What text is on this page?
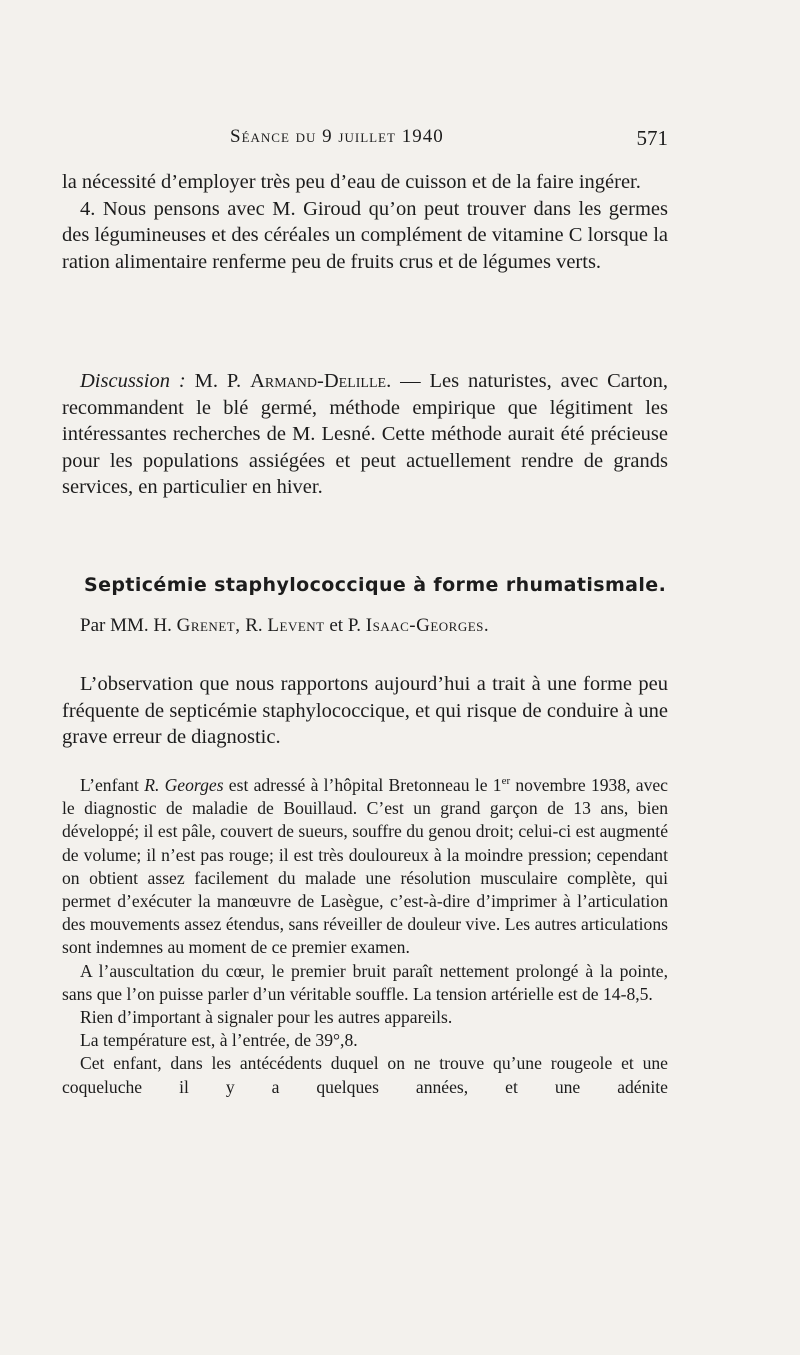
Séance du 9 juillet 1940	571

la nécessité d’employer très peu d’eau de cuisson et de la faire ingérer.

4. Nous pensons avec M. Giroud qu’on peut trouver dans les germes des légumineuses et des céréales un complément de vitamine C lorsque la ration alimentaire renferme peu de fruits crus et de légumes verts.

Discussion : M. P. Armand-Delille. — Les naturistes, avec Carton, recommandent le blé germé, méthode empirique que légitiment les intéressantes recherches de M. Lesné. Cette méthode aurait été précieuse pour les populations assiégées et peut actuellement rendre de grands services, en particulier en hiver.

Septicémie staphylococcique à forme rhumatismale.

Par MM. H. Grenet, R. Levent et P. Isaac-Georges.

L’observation que nous rapportons aujourd’hui a trait à une forme peu fréquente de septicémie staphylococcique, et qui risque de conduire à une grave erreur de diagnostic.

L’enfant R. Georges est adressé à l’hôpital Bretonneau le 1er novembre 1938, avec le diagnostic de maladie de Bouillaud. C’est un grand garçon de 13 ans, bien développé; il est pâle, couvert de sueurs, souffre du genou droit; celui-ci est augmenté de volume; il n’est pas rouge; il est très douloureux à la moindre pression; cependant on obtient assez facilement du malade une résolution musculaire complète, qui permet d’exécuter la manœuvre de Lasègue, c’est-à-dire d’imprimer à l’articulation des mouvements assez étendus, sans réveiller de douleur vive. Les autres articulations sont indemnes au moment de ce premier examen.

A l’auscultation du cœur, le premier bruit paraît nettement prolongé à la pointe, sans que l’on puisse parler d’un véritable souffle. La tension artérielle est de 14-8,5.

Rien d’important à signaler pour les autres appareils.

La température est, à l’entrée, de 39°,8.

Cet enfant, dans les antécédents duquel on ne trouve qu’une rougeole et une coqueluche il y a quelques années, et une adénite
